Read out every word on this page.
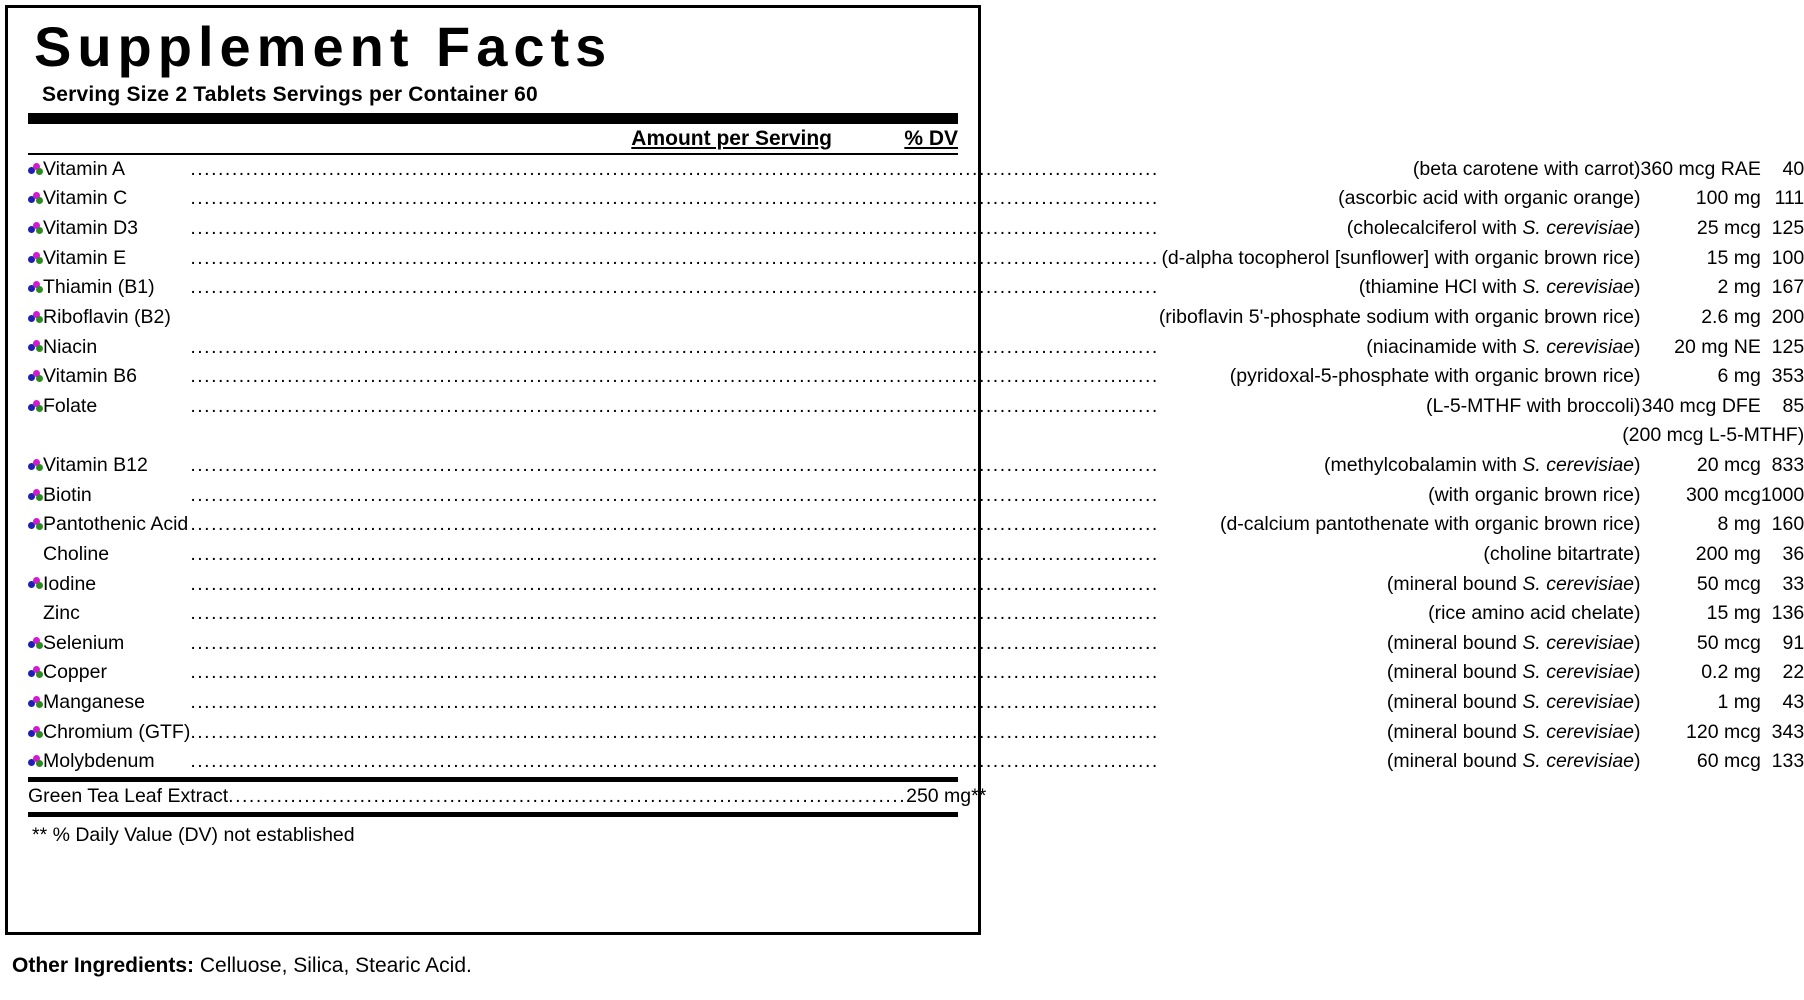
Supplement Facts
Serving Size 2 Tablets Servings per Container 60
Amount per Serving	% DV
	Vitamin A	............................................................................................................................................	(beta carotene with carrot)	360 mcg RAE	40

	Vitamin C	............................................................................................................................................	(ascorbic acid with organic orange)	100 mg	111

	Vitamin D3	............................................................................................................................................	(cholecalciferol with S. cerevisiae)	25 mcg	125

	Vitamin E	............................................................................................................................................	(d-alpha tocopherol [sunflower] with organic brown rice)	15 mg	100

	Thiamin (B1)	............................................................................................................................................	(thiamine HCl with S. cerevisiae)	2 mg	167

	Riboflavin (B2)		(riboflavin 5'-phosphate sodium with organic brown rice)	2.6 mg	200

	Niacin	............................................................................................................................................	(niacinamide with S. cerevisiae)	20 mg NE	125

	Vitamin B6	............................................................................................................................................	(pyridoxal-5-phosphate with organic brown rice)	6 mg	353

	Folate	............................................................................................................................................	(L-5-MTHF with broccoli)	340 mcg DFE	85
(200 mcg L-5-MTHF)					

	Vitamin B12	............................................................................................................................................	(methylcobalamin with S. cerevisiae)	20 mcg	833

	Biotin	............................................................................................................................................	(with organic brown rice)	300 mcg	1000

	Pantothenic Acid	............................................................................................................................................	(d-calcium pantothenate with organic brown rice)	8 mg	160
	Choline	............................................................................................................................................	(choline bitartrate)	200 mg	36

	Iodine	............................................................................................................................................	(mineral bound S. cerevisiae)	50 mcg	33
	Zinc	............................................................................................................................................	(rice amino acid chelate)	15 mg	136

	Selenium	............................................................................................................................................	(mineral bound S. cerevisiae)	50 mcg	91

	Copper	............................................................................................................................................	(mineral bound S. cerevisiae)	0.2 mg	22

	Manganese	............................................................................................................................................	(mineral bound S. cerevisiae)	1 mg	43

	Chromium (GTF)	............................................................................................................................................	(mineral bound S. cerevisiae)	120 mcg	343

	Molybdenum	............................................................................................................................................	(mineral bound S. cerevisiae)	60 mcg	133
	Green Tea Leaf Extract	..................................................................................................		250 mg	**
** % Daily Value (DV) not established
Other Ingredients: Celluose, Silica, Stearic Acid.
